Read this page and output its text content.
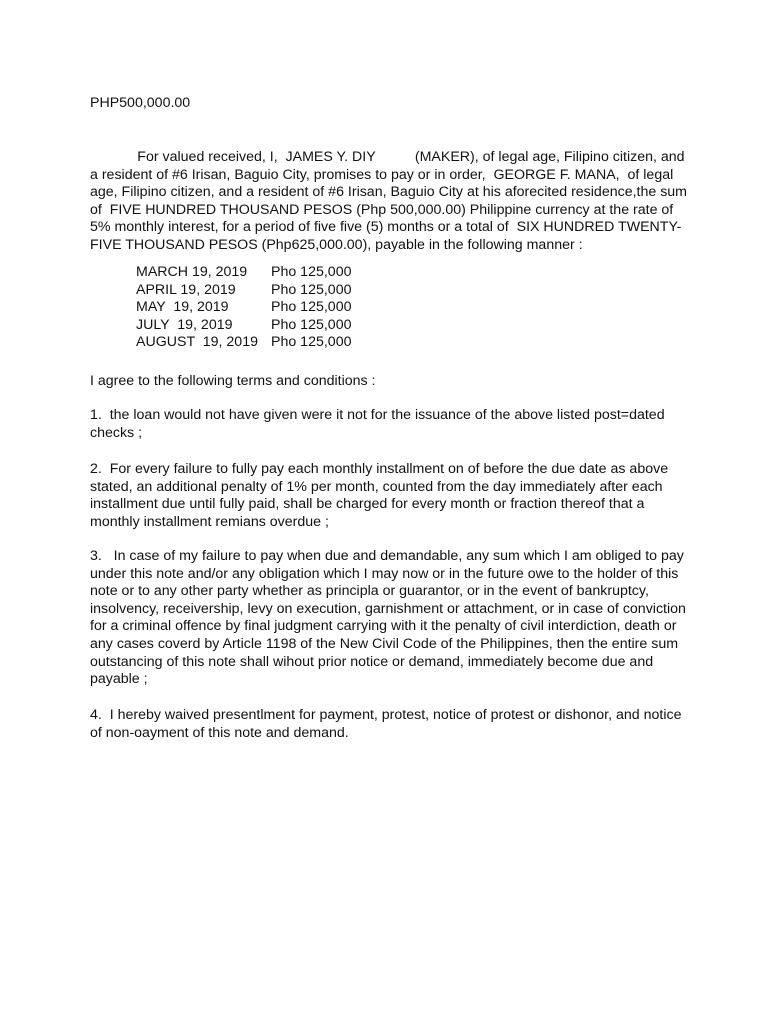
PHP500,000.00
For valued received, I,  JAMES Y. DIY          (MAKER), of legal age, Filipino citizen, and
a resident of #6 Irisan, Baguio City, promises to pay or in order,  GEORGE F. MANA,  of legal
age, Filipino citizen, and a resident of #6 Irisan, Baguio City at his aforecited residence,the sum
of  FIVE HUNDRED THOUSAND PESOS (Php 500,000.00) Philippine currency at the rate of
5% monthly interest, for a period of five five (5) months or a total of  SIX HUNDRED TWENTY-
FIVE THOUSAND PESOS (Php625,000.00), payable in the following manner :
MARCH 19, 2019	Pho 125,000
APRIL 19, 2019	Pho 125,000
MAY  19, 2019	Pho 125,000
JULY  19, 2019	Pho 125,000
AUGUST  19, 2019 Pho 125,000
I agree to the following terms and conditions :
1.  the loan would not have given were it not for the issuance of the above listed post=dated
checks ;
2.  For every failure to fully pay each monthly installment on of before the due date as above
stated, an additional penalty of 1% per month, counted from the day immediately after each
installment due until fully paid, shall be charged for every month or fraction thereof that a
monthly installment remians overdue ;
3.   In case of my failure to pay when due and demandable, any sum which I am obliged to pay
under this note and/or any obligation which I may now or in the future owe to the holder of this
note or to any other party whether as principla or guarantor, or in the event of bankruptcy,
insolvency, receivership, levy on execution, garnishment or attachment, or in case of conviction
for a criminal offence by final judgment carrying with it the penalty of civil interdiction, death or
any cases coverd by Article 1198 of the New Civil Code of the Philippines, then the entire sum
outstancing of this note shall wihout prior notice or demand, immediately become due and
payable ;
4.  I hereby waived presentlment for payment, protest, notice of protest or dishonor, and notice
of non-oayment of this note and demand.
